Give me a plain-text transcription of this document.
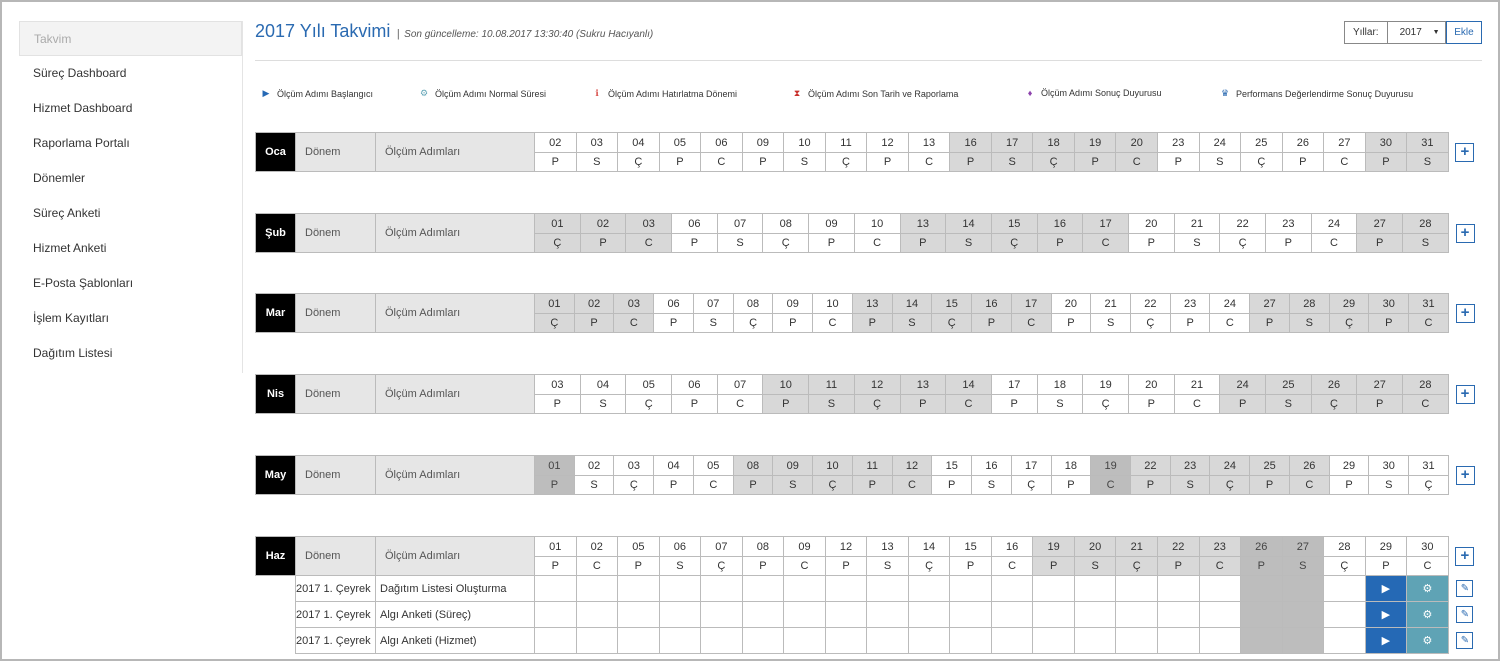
Takvim
Süreç Dashboard
Hizmet Dashboard
Raporlama Portalı
Dönemler
Süreç Anketi
Hizmet Anketi
E-Posta Şablonları
İşlem Kayıtları
Dağıtım Listesi
2017 Yılı Takvimi | Son güncelleme: 10.08.2017 13:30:40 (Sukru Hacıyanlı)	Yıllar:	2017 ▼	Ekle
▶ Ölçüm Adımı Başlangıcı	⚙ Ölçüm Adımı Normal Süresi	ℹ	Ölçüm Adımı Hatırlatma Dönemi	⧗ Ölçüm Adımı Son Tarih ve Raporlama	♦ Ölçüm Adımı Sonuç Duyurusu	♛ Performans Değerlendirme Sonuç Duyurusu
Oca	Dönem	Ölçüm Adımları	02	03	04	05	06	09	10	11	12	13	16	17	18	19	20	23	24	25	26	27	30	31	+
			P	S	Ç	P	C	P	S	Ç	P	C	P	S	Ç	P	C	P	S	Ç	P	C	P	S	
Şub	Dönem	Ölçüm Adımları	01	02	03	06	07	08	09	10	13	14	15	16	17	20	21	22	23	24	27	28	+
			Ç	P	C	P	S	Ç	P	C	P	S	Ç	P	C	P	S	Ç	P	C	P	S	
Mar	Dönem	Ölçüm Adımları	01	02	03	06	07	08	09	10	13	14	15	16	17	20	21	22	23	24	27	28	29	30	31	+
			Ç	P	C	P	S	Ç	P	C	P	S	Ç	P	C	P	S	Ç	P	C	P	S	Ç	P	C	
Nis	Dönem	Ölçüm Adımları	03	04	05	06	07	10	11	12	13	14	17	18	19	20	21	24	25	26	27	28	+
			P	S	Ç	P	C	P	S	Ç	P	C	P	S	Ç	P	C	P	S	Ç	P	C	
May	Dönem	Ölçüm Adımları	01	02	03	04	05	08	09	10	11	12	15	16	17	18	19	22	23	24	25	26	29	30	31	+
			P	S	Ç	P	C	P	S	Ç	P	C	P	S	Ç	P	C	P	S	Ç	P	C	P	S	Ç	
Haz	Dönem	Ölçüm Adımları	01	02	05	06	07	08	09	12	13	14	15	16	19	20	21	22	23	26	27	28	29	30	+
			P	C	P	S	Ç	P	C	P	S	Ç	P	C	P	S	Ç	P	C	P	S	Ç	P	C	
	2017 1. Çeyrek	Dağıtım Listesi Oluşturma																					▶	⚙	✎
	2017 1. Çeyrek	Algı Anketi (Süreç)																					▶	⚙	✎
	2017 1. Çeyrek	Algı Anketi (Hizmet)																					▶	⚙	✎
